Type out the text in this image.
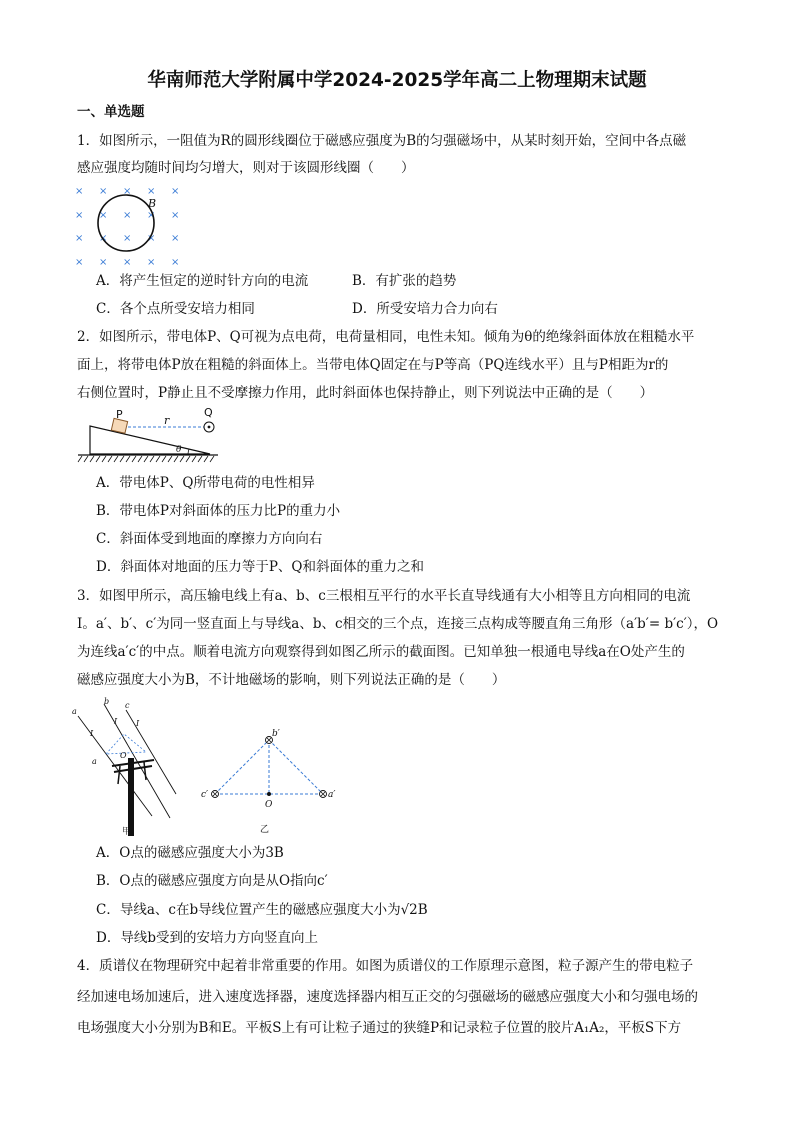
华南师范大学附属中学2024-2025学年高二上物理期末试题
一、单选题
1．如图所示，一阻值为R的圆形线圈位于磁感应强度为B的匀强磁场中，从某时刻开始，空间中各点磁
感应强度均随时间均匀增大，则对于该圆形线圈（　　）
× × × × ×
× × × × ×
× × × × ×
× × × × ×
B
A．将产生恒定的逆时针方向的电流	B．有扩张的趋势
C．各个点所受安培力相同	D．所受安培力合力向右
2．如图所示，带电体P、Q可视为点电荷，电荷量相同，电性未知。倾角为θ的绝缘斜面体放在粗糙水平
面上，将带电体P放在粗糙的斜面体上。当带电体Q固定在与P等高（PQ连线水平）且与P相距为r的
右侧位置时，P静止且不受摩擦力作用，此时斜面体也保持静止，则下列说法中正确的是（　　）
P	r
Q
θ
A．带电体P、Q所带电荷的电性相异
B．带电体P对斜面体的压力比P的重力小
C．斜面体受到地面的摩擦力方向向右
D．斜面体对地面的压力等于P、Q和斜面体的重力之和
3．如图甲所示，高压输电线上有a、b、c三根相互平行的水平长直导线通有大小相等且方向相同的电流
I。a′、b′、c′为同一竖直面上与导线a、b、c相交的三个点，连接三点构成等腰直角三角形（a′b′= b′c′），O
为连线a′c′的中点。顺着电流方向观察得到如图乙所示的截面图。已知单独一根通电导线a在O处产生的
磁感应强度大小为B，不计地磁场的影响，则下列说法正确的是（　　）
b c
a
I
I I
O
a
甲
b′
c′	a′
O
乙
A．O点的磁感应强度大小为3B
B．O点的磁感应强度方向是从O指向c′
C．导线a、c在b导线位置产生的磁感应强度大小为√2B
D．导线b受到的安培力方向竖直向上
4．质谱仪在物理研究中起着非常重要的作用。如图为质谱仪的工作原理示意图，粒子源产生的带电粒子
经加速电场加速后，进入速度选择器，速度选择器内相互正交的匀强磁场的磁感应强度大小和匀强电场的
电场强度大小分别为B和E。平板S上有可让粒子通过的狭缝P和记录粒子位置的胶片A₁A₂，平板S下方
